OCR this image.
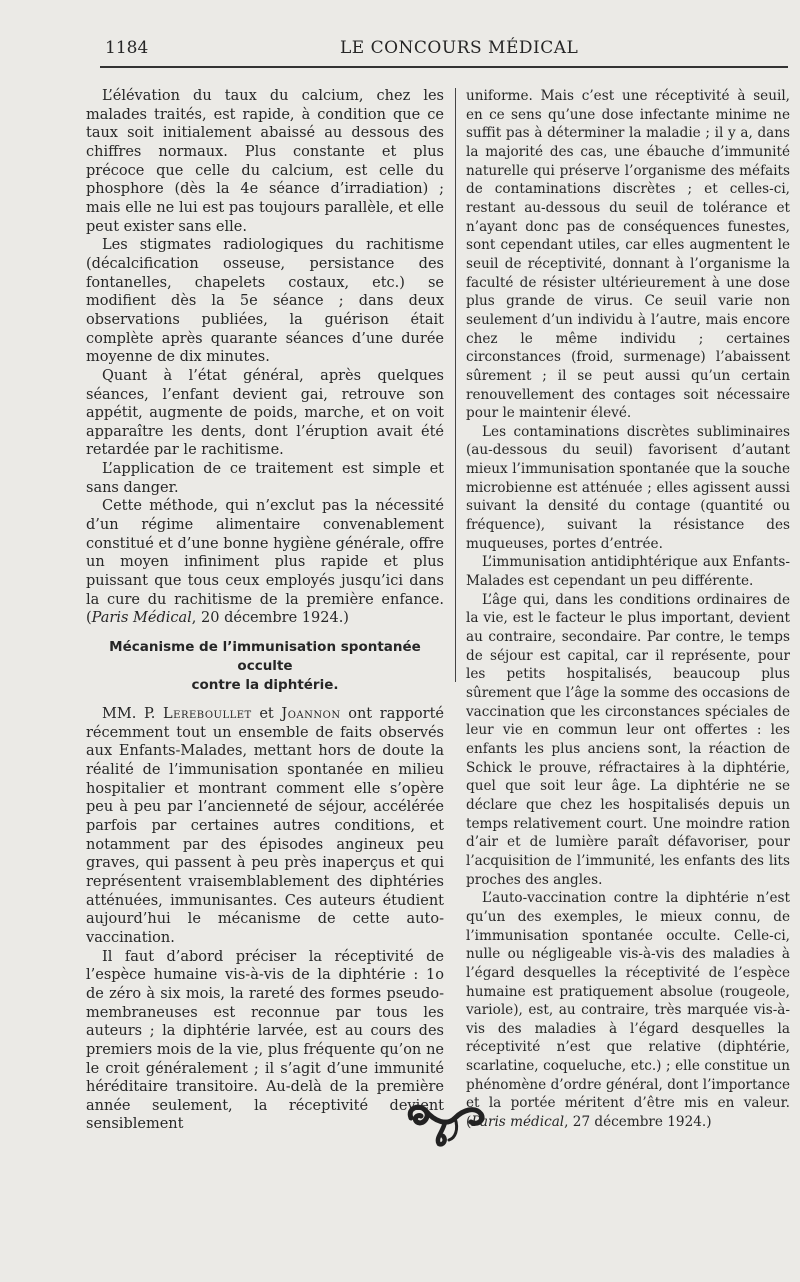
1184	LE CONCOURS MÉDICAL

L’élévation du taux du calcium, chez les malades traités, est rapide, à condition que ce taux soit initialement abaissé au dessous des chiffres normaux. Plus constante et plus précoce que celle du calcium, est celle du phosphore (dès la 4e séance d’irradiation) ; mais elle ne lui est pas toujours parallèle, et elle peut exister sans elle.

Les stigmates radiologiques du rachitisme (décalcification osseuse, persistance des fontanelles, chapelets costaux, etc.) se modifient dès la 5e séance ; dans deux observations publiées, la guérison était complète après quarante séances d’une durée moyenne de dix minutes.

Quant à l’état général, après quelques séances, l’enfant devient gai, retrouve son appétit, augmente de poids, marche, et on voit apparaître les dents, dont l’éruption avait été retardée par le rachitisme.

L’application de ce traitement est simple et sans danger.

Cette méthode, qui n’exclut pas la nécessité d’un régime alimentaire convenablement constitué et d’une bonne hygiène générale, offre un moyen infiniment plus rapide et plus puissant que tous ceux employés jusqu’ici dans la cure du rachitisme de la première enfance. (Paris Médical, 20 décembre 1924.)

Mécanisme de l’immunisation spontanée occulte
contre la diphtérie.

MM. P. Lereboullet et Joannon ont rapporté récemment tout un ensemble de faits observés aux Enfants-Malades, mettant hors de doute la réalité de l’immunisation spontanée en milieu hospitalier et montrant comment elle s’opère peu à peu par l’ancienneté de séjour, accélérée parfois par certaines autres conditions, et notamment par des épisodes angineux peu graves, qui passent à peu près inaperçus et qui représentent vraisemblablement des diphtéries atténuées, immunisantes. Ces auteurs étudient aujourd’hui le mécanisme de cette auto-vaccination.

Il faut d’abord préciser la réceptivité de l’espèce humaine vis-à-vis de la diphtérie : 1o de zéro à six mois, la rareté des formes pseudo-membraneuses est reconnue par tous les auteurs ; la diphtérie larvée, est au cours des premiers mois de la vie, plus fréquente qu’on ne le croit généralement ; il s’agit d’une immunité héréditaire transitoire. Au-delà de la première année seulement, la réceptivité devient sensiblement

uniforme. Mais c’est une réceptivité à seuil, en ce sens qu’une dose infectante minime ne suffit pas à déterminer la maladie ; il y a, dans la majorité des cas, une ébauche d’immunité naturelle qui préserve l’organisme des méfaits de contaminations discrètes ; et celles-ci, restant au-dessous du seuil de tolérance et n’ayant donc pas de conséquences funestes, sont cependant utiles, car elles augmentent le seuil de réceptivité, donnant à l’organisme la faculté de résister ultérieurement à une dose plus grande de virus. Ce seuil varie non seulement d’un individu à l’autre, mais encore chez le même individu ; certaines circonstances (froid, surmenage) l’abaissent sûrement ; il se peut aussi qu’un certain renouvellement des contages soit nécessaire pour le maintenir élevé.

Les contaminations discrètes subliminaires (au-dessous du seuil) favorisent d’autant mieux l’immunisation spontanée que la souche microbienne est atténuée ; elles agissent aussi suivant la densité du contage (quantité ou fréquence), suivant la résistance des muqueuses, portes d’entrée.

L’immunisation antidiphtérique aux Enfants-Malades est cependant un peu différente.

L’âge qui, dans les conditions ordinaires de la vie, est le facteur le plus important, devient au contraire, secondaire. Par contre, le temps de séjour est capital, car il représente, pour les petits hospitalisés, beaucoup plus sûrement que l’âge la somme des occasions de vaccination que les circonstances spéciales de leur vie en commun leur ont offertes : les enfants les plus anciens sont, la réaction de Schick le prouve, réfractaires à la diphtérie, quel que soit leur âge. La diphtérie ne se déclare que chez les hospitalisés depuis un temps relativement court. Une moindre ration d’air et de lumière paraît défavoriser, pour l’acquisition de l’immunité, les enfants des lits proches des angles.

L’auto-vaccination contre la diphtérie n’est qu’un des exemples, le mieux connu, de l’immunisation spontanée occulte. Celle-ci, nulle ou négligeable vis-à-vis des maladies à l’égard desquelles la réceptivité de l’espèce humaine est pratiquement absolue (rougeole, variole), est, au contraire, très marquée vis-à-vis des maladies à l’égard desquelles la réceptivité n’est que relative (diphtérie, scarlatine, coqueluche, etc.) ; elle constitue un phénomène d’ordre général, dont l’importance et la portée méritent d’être mis en valeur. (Paris médical, 27 décembre 1924.)
